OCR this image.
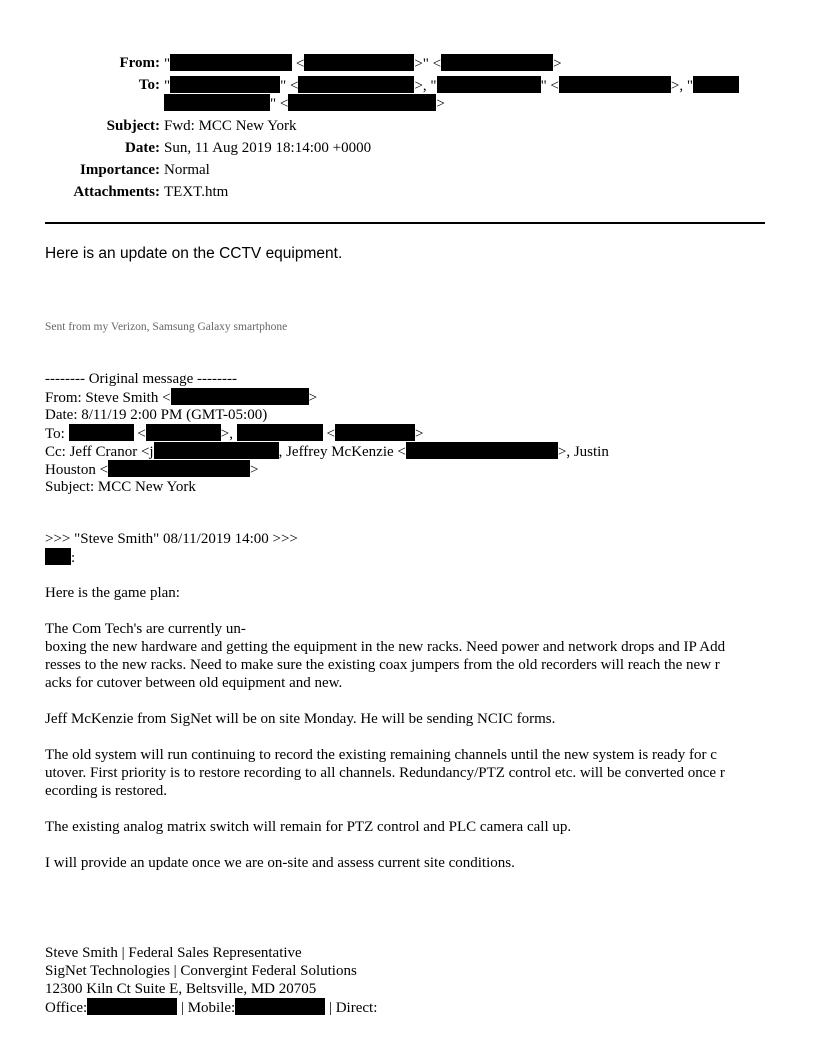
From: "	<	>" <	>
To: "	" <	>, "	" <	>, "
" <	>
Subject: Fwd: MCC New York
Date: Sun, 11 Aug 2019 18:14:00 +0000
Importance: Normal
Attachments: TEXT.htm
Here is an update on the CCTV equipment.
Sent from my Verizon, Samsung Galaxy smartphone
-------- Original message --------
From: Steve Smith <	>
Date: 8/11/19 2:00 PM (GMT-05:00)
To:	<	>,	<	>
Cc: Jeff Cranor <j	, Jeffrey McKenzie <	>, Justin
Houston <	>
Subject: MCC New York
>>> "Steve Smith" 08/11/2019 14:00 >>>
:
Here is the game plan:
The Com Tech's are currently un-
boxing the new hardware and getting the equipment in the new racks. Need power and network drops and IP Add
resses to the new racks. Need to make sure the existing coax jumpers from the old recorders will reach the new r
acks for cutover between old equipment and new.
Jeff McKenzie from SigNet will be on site Monday. He will be sending NCIC forms.
The old system will run continuing to record the existing remaining channels until the new system is ready for c
utover. First priority is to restore recording to all channels. Redundancy/PTZ control etc. will be converted once r
ecording is restored.
The existing analog matrix switch will remain for PTZ control and PLC camera call up.
I will provide an update once we are on-site and assess current site conditions.
Steve Smith | Federal Sales Representative
SigNet Technologies | Convergint Federal Solutions
12300 Kiln Ct Suite E, Beltsville, MD 20705
Office:	| Mobile:	| Direct:
